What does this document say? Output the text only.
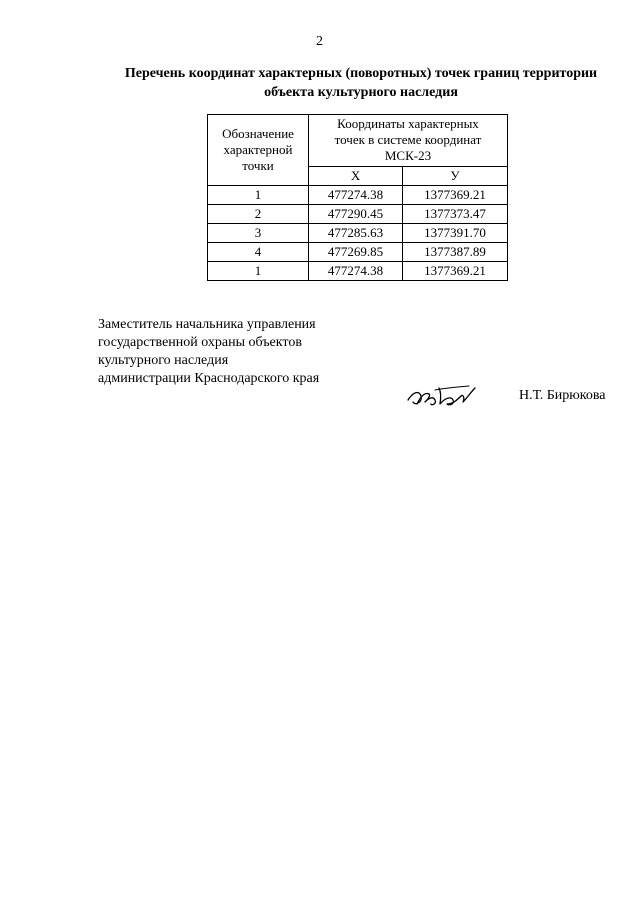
2
Перечень координат характерных (поворотных) точек границ территории
объекта культурного наследия
Обозначение
характерной
точки	Координаты характерных
точек в системе координат
МСК-23	

	Х	У
1	477274.38	1377369.21
2	477290.45	1377373.47
3	477285.63	1377391.70
4	477269.85	1377387.89
1	477274.38	1377369.21
Заместитель начальника управления
государственной охраны объектов
культурного наследия
администрации Краснодарского края
Н.Т. Бирюкова
